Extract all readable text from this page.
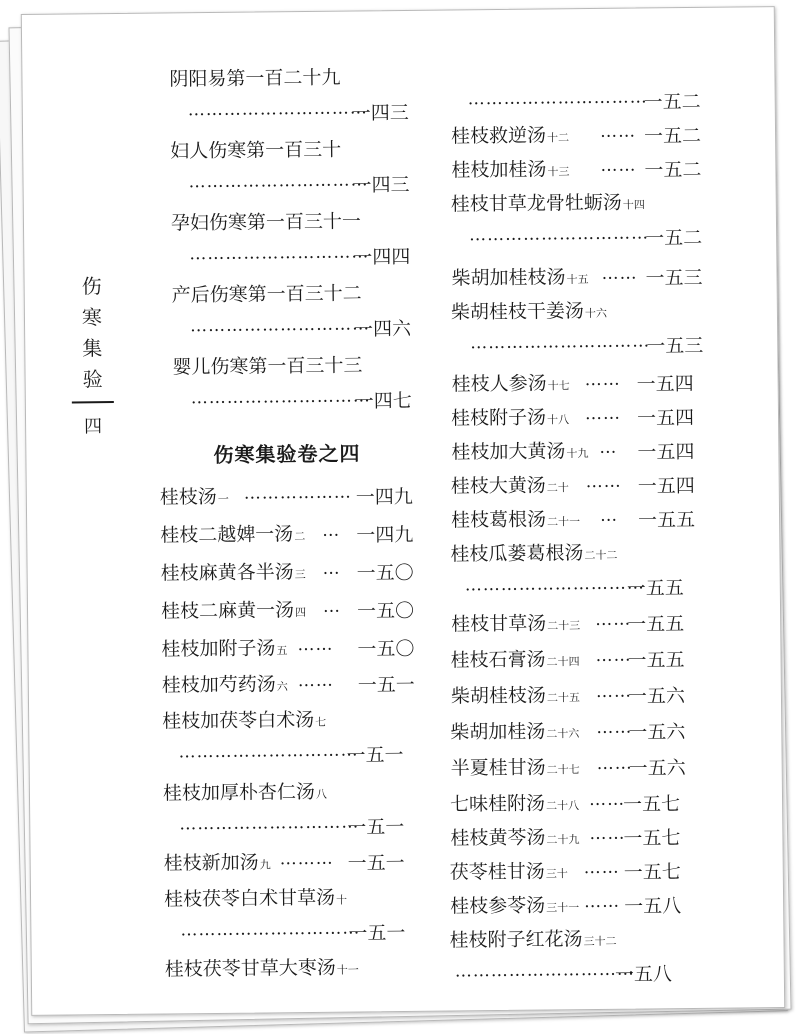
伤
寒
集
验
四
伤寒集验卷之四
阴阳易第一百二十九
…………………………
一四三
妇人伤寒第一百三十
…………………………
一四三
孕妇伤寒第一百三十一
…………………………
一四四
产后伤寒第一百三十二
…………………………
一四六
婴儿伤寒第一百三十三
…………………………
一四七
桂枝汤一 ……………… 一四九
桂枝二越婢一汤二 … 一四九
桂枝麻黄各半汤三 … 一五〇
桂枝二麻黄一汤四 … 一五〇
桂枝加附子汤五 …… 一五〇
桂枝加芍药汤六 …… 一五一
桂枝加茯苓白术汤七
…………………………
一五一
桂枝加厚朴杏仁汤八
…………………………
一五一
桂枝新加汤九 ……… 一五一
桂枝茯苓白术甘草汤十
…………………………
一五一
桂枝茯苓甘草大枣汤十一
…………………………
一五二
桂枝救逆汤十二 …… 一五二
桂枝加桂汤十三 …… 一五二
桂枝甘草龙骨牡蛎汤十四
…………………………
一五二
柴胡加桂枝汤十五 …… 一五三
柴胡桂枝干姜汤十六
…………………………
一五三
桂枝人参汤十七 …… 一五四
桂枝附子汤十八 …… 一五四
桂枝加大黄汤十九 … 一五四
桂枝大黄汤二十 …… 一五四
桂枝葛根汤二十一 … 一五五
桂枝瓜蒌葛根汤二十二
…………………………
一五五
桂枝甘草汤二十三 ……
一五五
桂枝石膏汤二十四 ……
一五五
柴胡桂枝汤二十五 ……
一五六
柴胡加桂汤二十六 ……
一五六
半夏桂甘汤二十七 ……
一五六
七味桂附汤二十八 ……
一五七
桂枝黄芩汤二十九 ……
一五七
茯苓桂甘汤三十 …… 一五七
桂枝参苓汤三十一 …… 一五八
桂枝附子红花汤三十二
…………………………
一五八
